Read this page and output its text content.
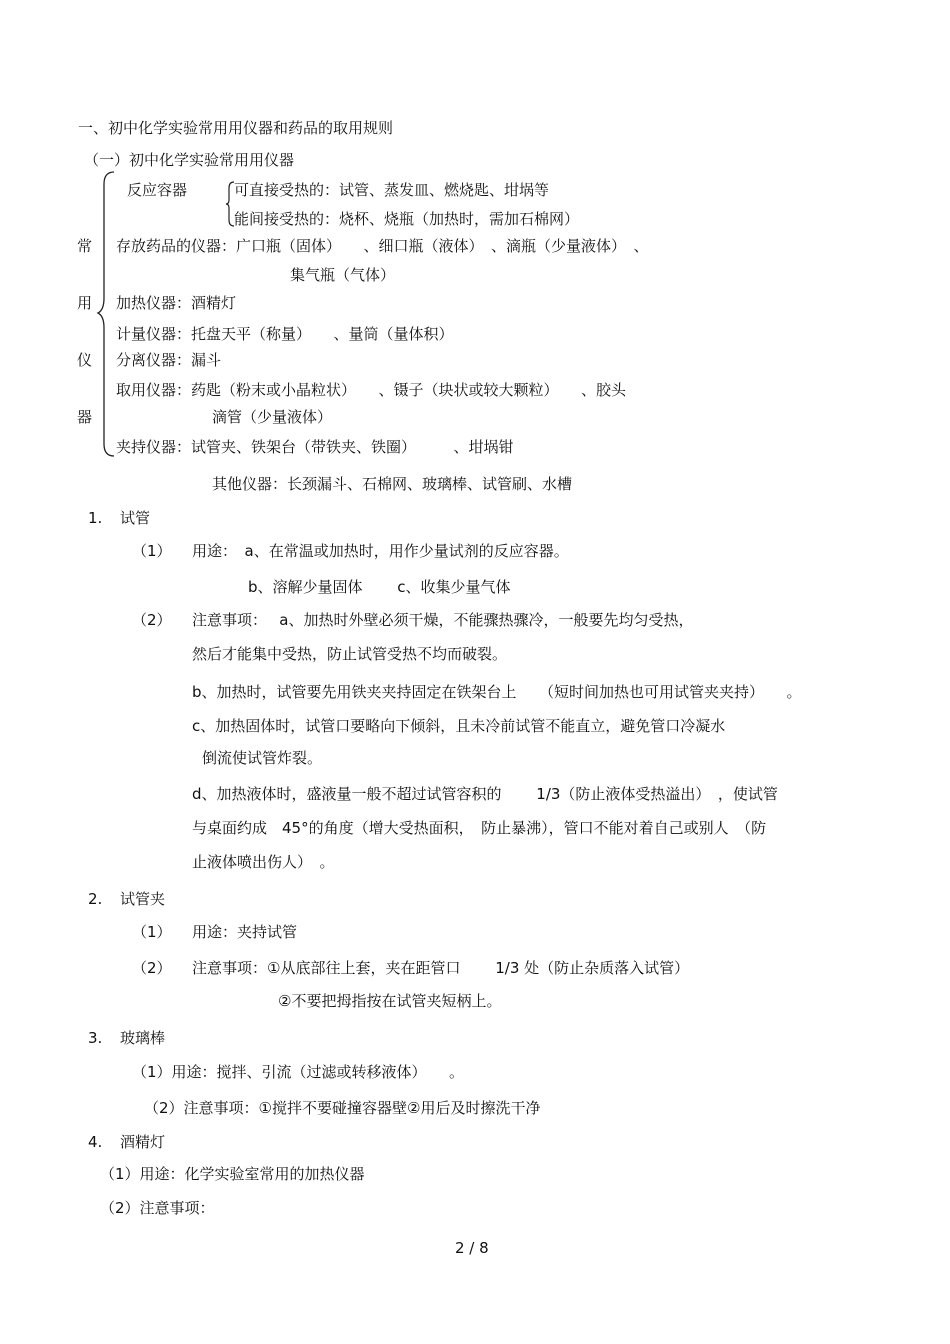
一、初中化学实验常用用仪器和药品的取用规则
（一）初中化学实验常用用仪器
常
用
仪
器
反应容器	可直接受热的：试管、蒸发皿、燃烧匙、坩埚等
能间接受热的：烧杯、烧瓶（加热时，需加石棉网）
存放药品的仪器：广口瓶（固体）　　、细口瓶（液体）　、滴瓶（少量液体）　、
集气瓶（气体）
加热仪器：酒精灯
计量仪器：托盘天平（称量）　　、量筒（量体积）
分离仪器：漏斗
取用仪器：药匙（粉末或小晶粒状）　　、镊子（块状或较大颗粒）　　、胶头
滴管（少量液体）
夹持仪器：试管夹、铁架台（带铁夹、铁圈）　　　、坩埚钳
其他仪器：长颈漏斗、石棉网、玻璃棒、试管刷、水槽
1. 试管
（1） 用途：　a、在常温或加热时，用作少量试剂的反应容器。
b、溶解少量固体　　 c、收集少量气体
（2） 注意事项：　 a、加热时外壁必须干燥，不能骤热骤冷，一般要先均匀受热，
然后才能集中受热，防止试管受热不均而破裂。
b、加热时，试管要先用铁夹夹持固定在铁架台上　　（短时间加热也可用试管夹夹持）　　。
c、加热固体时，试管口要略向下倾斜，且未冷前试管不能直立，避免管口冷凝水
倒流使试管炸裂。
d、加热液体时，盛液量一般不超过试管容积的　　 1/3（防止液体受热溢出）　，使试管
与桌面约成　45°的角度（增大受热面积，　防止暴沸），管口不能对着自己或别人　（防
止液体喷出伤人）　。
2. 试管夹
（1） 用途：夹持试管
（2） 注意事项：①从底部往上套，夹在距管口　　 1/3 处（防止杂质落入试管）
②不要把拇指按在试管夹短柄上。
3. 玻璃棒
（1）用途：搅拌、引流（过滤或转移液体）　　。
（2）注意事项：①搅拌不要碰撞容器壁②用后及时擦洗干净
4. 酒精灯
（1）用途：化学实验室常用的加热仪器
（2）注意事项：
2 / 8
